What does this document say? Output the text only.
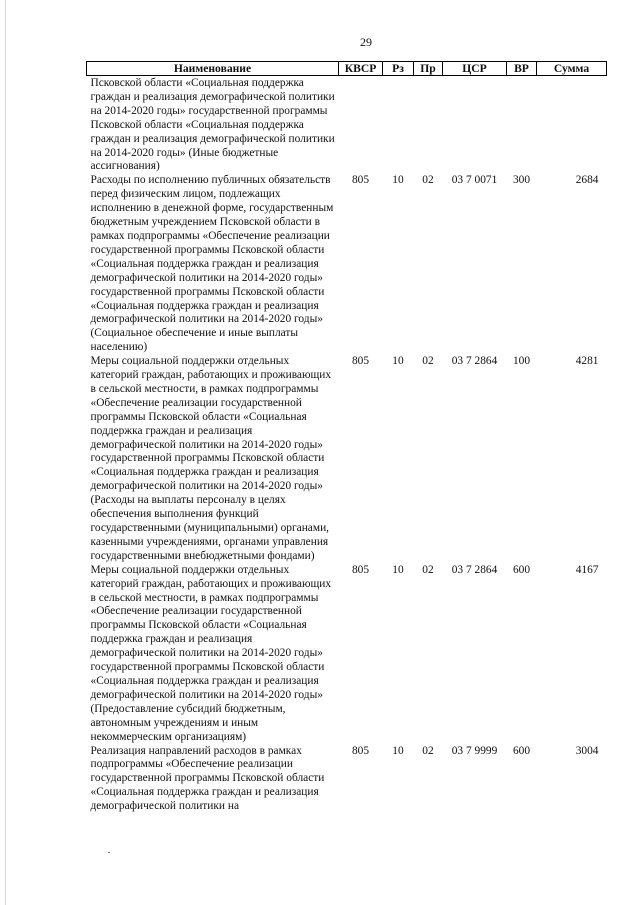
29
Наименование	КВСР	Рз	Пр	ЦСР	ВР	Сумма
Псковской области «Социальная поддержка граждан и реализация демографической политики на 2014-2020 годы» государственной программы Псковской области «Социальная поддержка граждан и реализация демографической политики на 2014-2020 годы» (Иные бюджетные ассигнования)						
Расходы по исполнению публичных обязательств перед физическим лицом, подлежащих исполнению в денежной форме, государственным бюджетным учреждением Псковской области в рамках подпрограммы «Обеспечение реализации государственной программы Псковской области «Социальная поддержка граждан и реализация демографической политики на 2014-2020 годы» государственной программы Псковской области «Социальная поддержка граждан и реализация демографической политики на 2014-2020 годы» (Социальное обеспечение и иные выплаты населению)	805	10	02	03 7 0071	300	2684
Меры социальной поддержки отдельных категорий граждан, работающих и проживающих в сельской местности, в рамках подпрограммы «Обеспечение реализации государственной программы Псковской области «Социальная поддержка граждан и реализация демографической политики на 2014-2020 годы» государственной программы Псковской области «Социальная поддержка граждан и реализация демографической политики на 2014-2020 годы» (Расходы на выплаты персоналу в целях обеспечения выполнения функций государственными (муниципальными) органами, казенными учреждениями, органами управления государственными внебюджетными фондами)	805	10	02	03 7 2864	100	4281
Меры социальной поддержки отдельных категорий граждан, работающих и проживающих в сельской местности, в рамках подпрограммы «Обеспечение реализации государственной программы Псковской области «Социальная поддержка граждан и реализация демографической политики на 2014-2020 годы» государственной программы Псковской области «Социальная поддержка граждан и реализация демографической политики на 2014-2020 годы» (Предоставление субсидий бюджетным, автономным учреждениям и иным некоммерческим организациям)	805	10	02	03 7 2864	600	4167
Реализация направлений расходов в рамках подпрограммы «Обеспечение реализации государственной программы Псковской области «Социальная поддержка граждан и реализация демографической политики на	805	10	02	03 7 9999	600	3004
